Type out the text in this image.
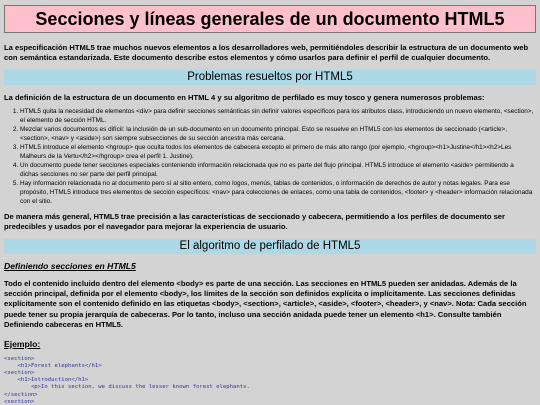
Secciones y líneas generales de un documento HTML5

La especificación HTML5 trae muchos nuevos elementos a los desarrolladores web, permitiéndoles describir la estructura de un documento web con semántica estandarizada. Este documento describe estos elementos y cómo usarlos para definir el perfil de cualquier documento.

Problemas resueltos por HTML5

La definición de la estructura de un documento en HTML 4 y su algoritmo de perfilado es muy tosco y genera numerosos problemas:

1. HTML5 quita la necesidad de elementos <div> para definir secciones semánticas sin definir valores específicos para los atributos class, introduciendo un nuevo elemento, <section>, el elemento de sección HTML.
2. Mezclar varios documentos es difícil: la inclusión de un sub-documento en un documento principal. Esto se resuelve en HTML5 con los elementos de seccionado (<article>, <section>, <nav> y <aside>) son siempre subsecciones de su sección ancestra más cercana.
3. HTML5 introduce el elemento <hgroup> que oculta todos los elementos de cabecera excepto el primero de más alto rango (por ejemplo, <hgroup><h1>Justine</h1><h2>Les Malheurs de la Vertu</h2></hgroup> crea el perfil 1. Justine).
4. Un documento puede tener secciones especiales conteniendo información relacionada que no es parte del flujo principal. HTML5 introduce el elemento <aside> permitiendo a dichas secciones no ser parte del perfil principal.
5. Hay información relacionada no al documento pero sí al sitio entero, como logos, menús, tablas de contenidos, o información de derechos de autor y notas legales. Para ese propósito, HTML5 introduce tres elementos de sección específicos: <nav> para colecciones de enlaces, como una tabla de contenidos, <footer> y <header> información relacionada con el sitio.

De manera más general, HTML5 trae precisión a las características de seccionado y cabecera, permitiendo a los perfiles de documento ser predecibles y usados por el navegador para mejorar la experiencia de usuario.

El algoritmo de perfilado de HTML5
Definiendo secciones en HTML5

Todo el contenido incluido dentro del elemento <body> es parte de una sección. Las secciones en HTML5 pueden ser anidadas. Además de la sección principal, definida por el elemento <body>, los límites de la sección son definidos explícita o implícitamente. Las secciones definidas explícitamente son el contenido definido en las etiquetas <body>, <section>, <article>, <aside>, <footer>, <header>, y <nav>. Nota: Cada sección puede tener su propia jerarquía de cabeceras. Por lo tanto, incluso una sección anidada puede tener un elemento <h1>. Consulte también Definiendo cabeceras en HTML5.

Ejemplo:
<section>
<h1>Forest elephants</h1>
<section>
<h1>Introduction</h1>
<p>In this section, we discuss the lesser known forest elephants.
</section>
<section>
